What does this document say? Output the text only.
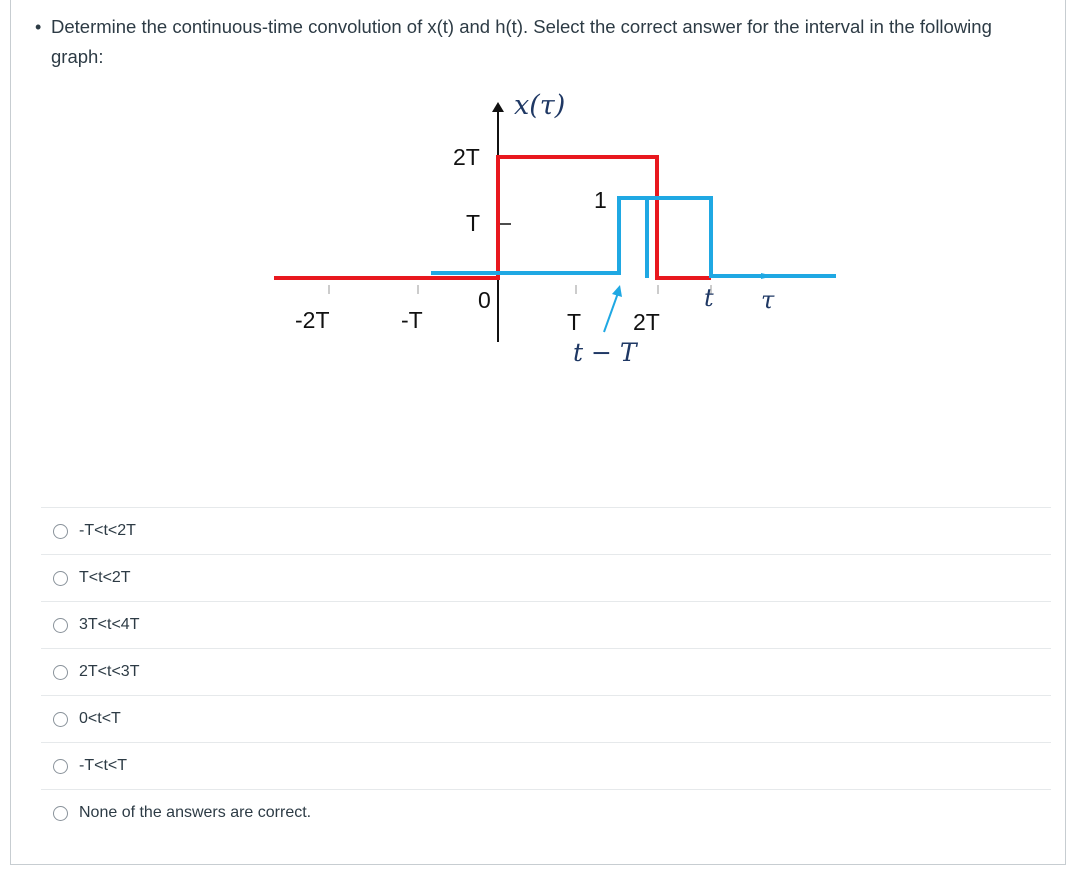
• Determine the continuous-time convolution of x(t) and h(t). Select the correct answer for the interval in the following graph:
x(τ)
2T
T
-2T	-T
0
T 2T
1
t − T
t τ
-T<t<2T
T<t<2T
3T<t<4T
2T<t<3T
0<t<T
-T<t<T
None of the answers are correct.
